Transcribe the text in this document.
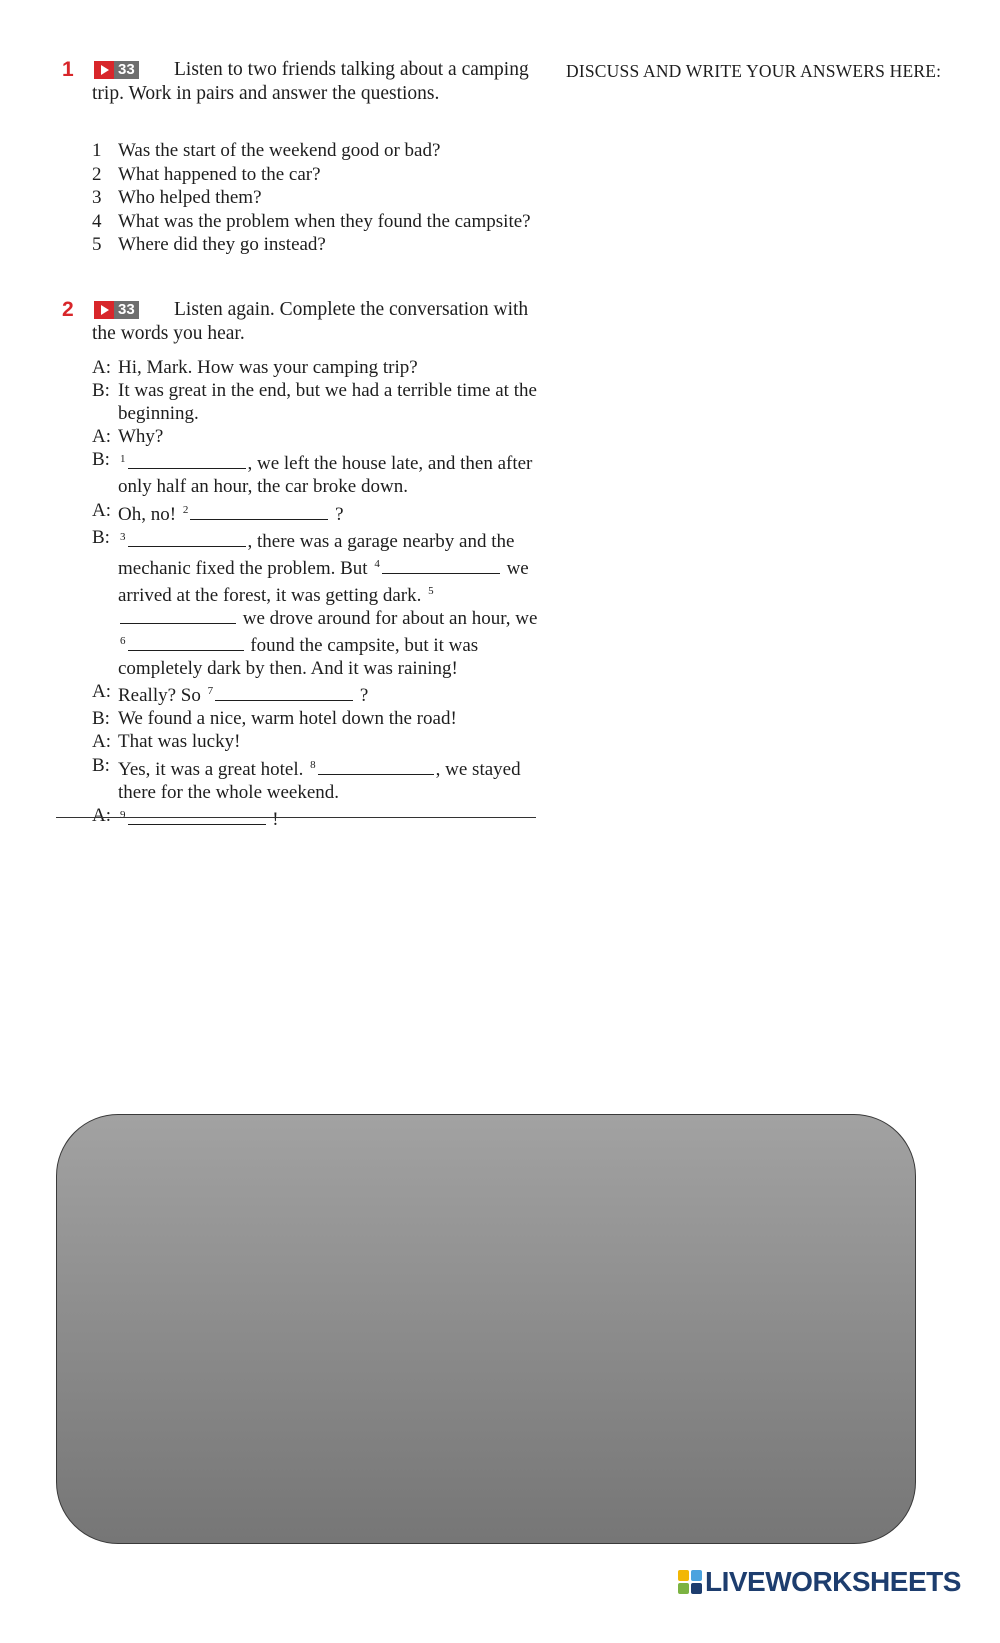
1	33	Listen to two friends talking about a camping trip. Work in pairs and answer the questions.
1 Was the start of the weekend good or bad?
2 What happened to the car?
3 Who helped them?
4 What was the problem when they found the campsite?
5 Where did they go instead?
2	33	Listen again. Complete the conversation with the words you hear.
A: Hi, Mark. How was your camping trip?
B: It was great in the end, but we had a terrible time at the beginning.
A: Why?
B: $^1$	, we left the house late, and then after only half an hour, the car broke down.
A: Oh, no! $^2$	?
B: $^3$	, there was a garage nearby and the mechanic fixed the problem. But $^4$	we arrived at the forest, it was getting dark. $^5$ we drove around for about an hour, we $^6$	found the campsite, but it was completely dark by then. And it was raining!
A: Really? So $^7$	?
B: We found a nice, warm hotel down the road!
A: That was lucky!
B: Yes, it was a great hotel. $^8$	, we stayed there for the whole weekend.
A: $^9$	!
DISCUSS AND WRITE YOUR ANSWERS HERE:
LIVEWORKSHEETS
